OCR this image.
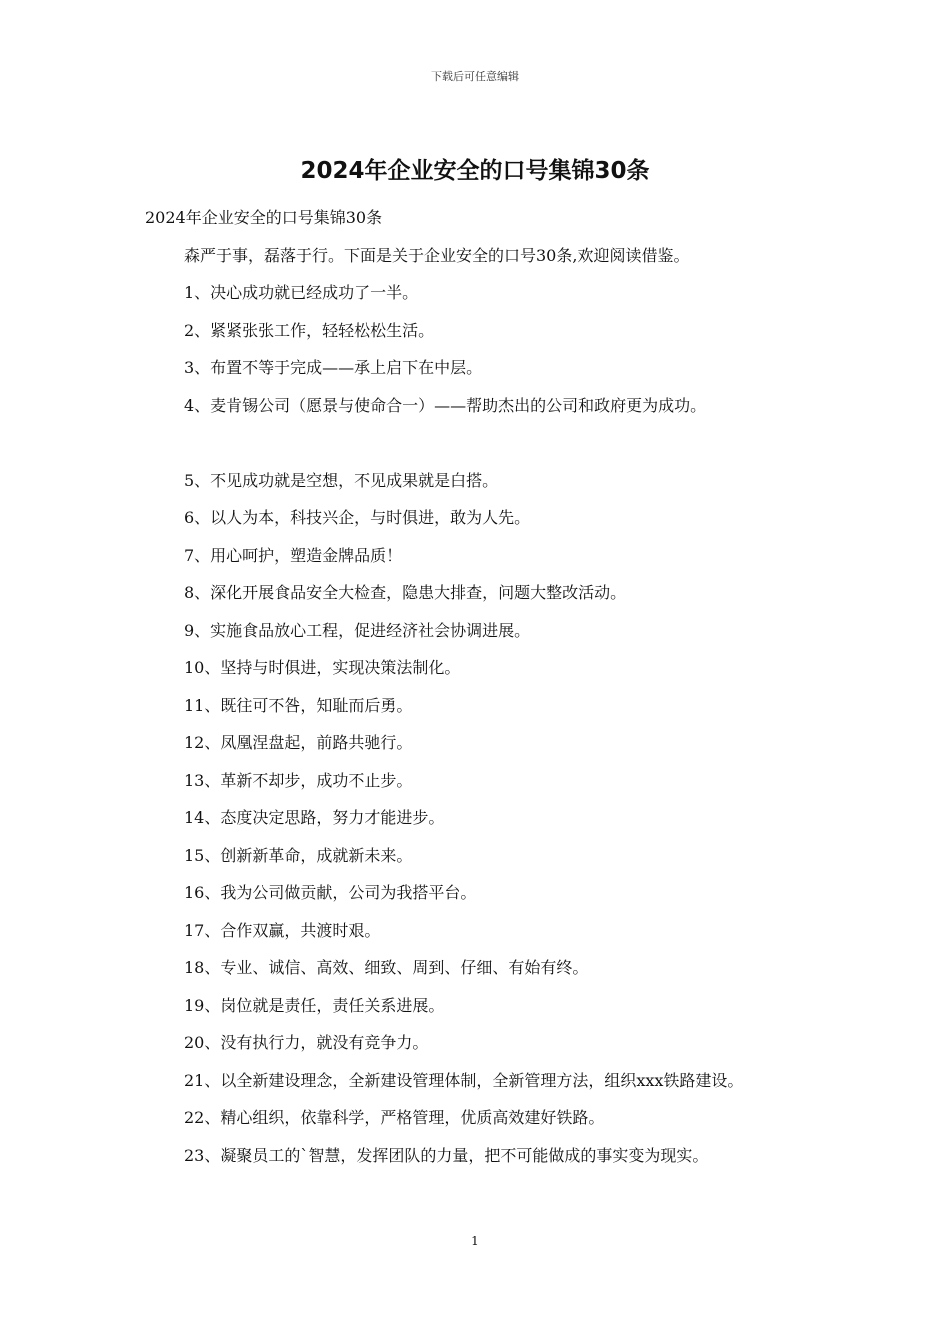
下载后可任意编辑
2024年企业安全的口号集锦30条

2024年企业安全的口号集锦30条

森严于事，磊落于行。下面是关于企业安全的口号30条,欢迎阅读借鉴。

1、决心成功就已经成功了一半。

2、紧紧张张工作，轻轻松松生活。

3、布置不等于完成——承上启下在中层。

4、麦肯锡公司（愿景与使命合一）——帮助杰出的公司和政府更为成功。

5、不见成功就是空想，不见成果就是白搭。

6、以人为本，科技兴企，与时俱进，敢为人先。

7、用心呵护，塑造金牌品质！

8、深化开展食品安全大检查，隐患大排查，问题大整改活动。

9、实施食品放心工程，促进经济社会协调进展。

10、坚持与时俱进，实现决策法制化。

11、既往可不咎，知耻而后勇。

12、凤凰涅盘起，前路共驰行。

13、革新不却步，成功不止步。

14、态度决定思路，努力才能进步。

15、创新新革命，成就新未来。

16、我为公司做贡献，公司为我搭平台。

17、合作双赢，共渡时艰。

18、专业、诚信、高效、细致、周到、仔细、有始有终。

19、岗位就是责任，责任关系进展。

20、没有执行力，就没有竞争力。

21、以全新建设理念，全新建设管理体制，全新管理方法，组织xxx铁路建设。

22、精心组织，依靠科学，严格管理，优质高效建好铁路。

23、凝聚员工的`智慧，发挥团队的力量，把不可能做成的事实变为现实。

1
